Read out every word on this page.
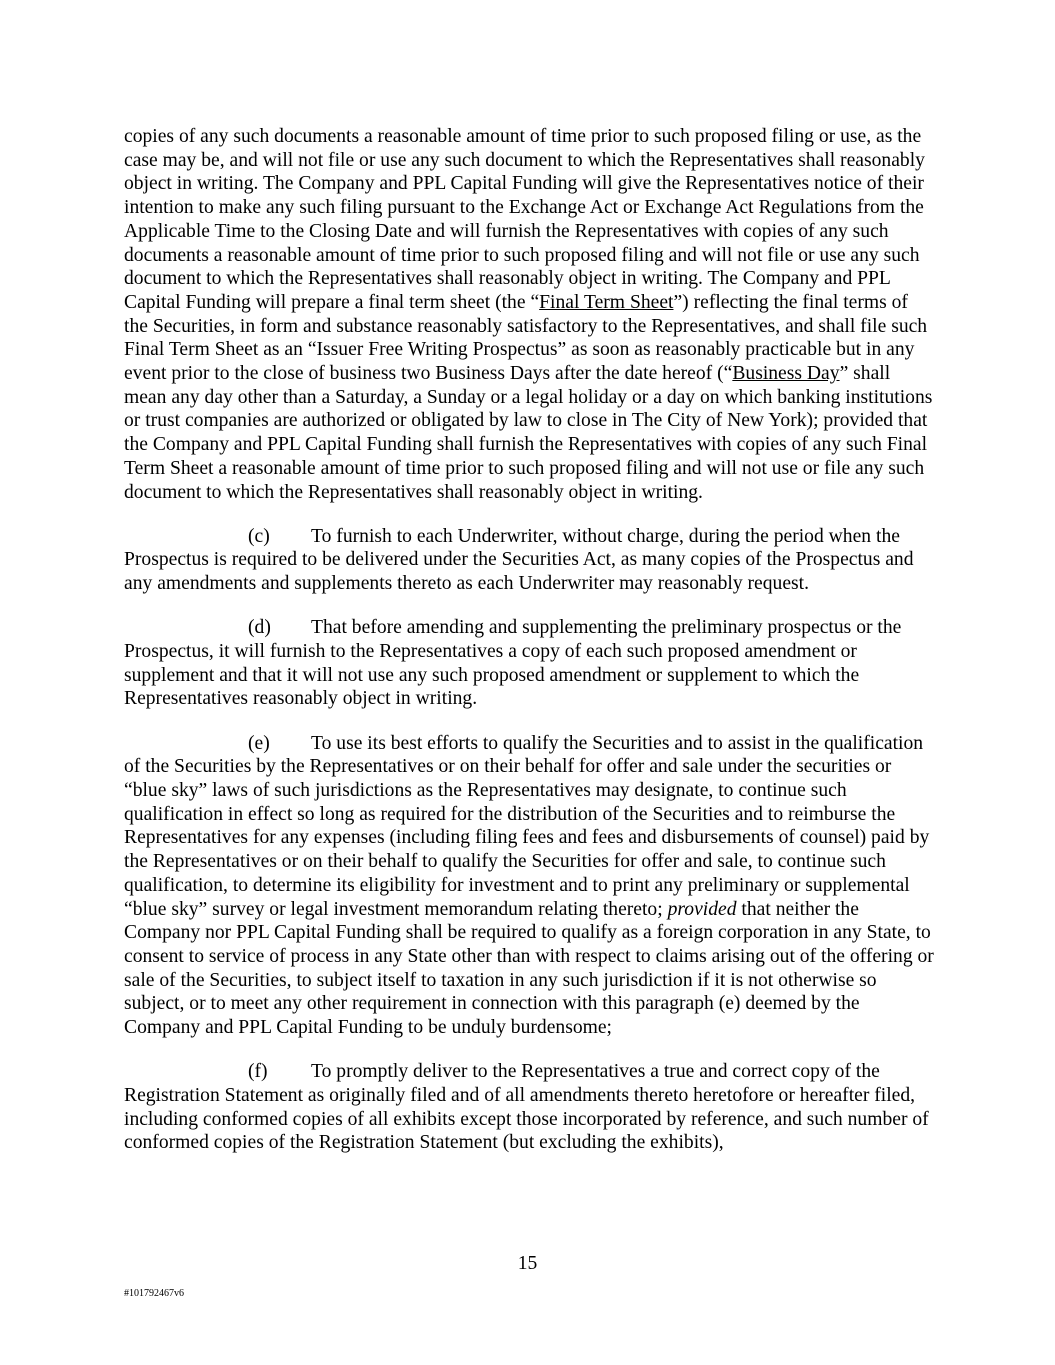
copies of any such documents a reasonable amount of time prior to such proposed filing or use, as the case may be, and will not file or use any such document to which the Representatives shall reasonably object in writing. The Company and PPL Capital Funding will give the Representatives notice of their intention to make any such filing pursuant to the Exchange Act or Exchange Act Regulations from the Applicable Time to the Closing Date and will furnish the Representatives with copies of any such documents a reasonable amount of time prior to such proposed filing and will not file or use any such document to which the Representatives shall reasonably object in writing. The Company and PPL Capital Funding will prepare a final term sheet (the “Final Term Sheet”) reflecting the final terms of the Securities, in form and substance reasonably satisfactory to the Representatives, and shall file such Final Term Sheet as an “Issuer Free Writing Prospectus” as soon as reasonably practicable but in any event prior to the close of business two Business Days after the date hereof (“Business Day” shall mean any day other than a Saturday, a Sunday or a legal holiday or a day on which banking institutions or trust companies are authorized or obligated by law to close in The City of New York); provided that the Company and PPL Capital Funding shall furnish the Representatives with copies of any such Final Term Sheet a reasonable amount of time prior to such proposed filing and will not use or file any such document to which the Representatives shall reasonably object in writing.

(c) To furnish to each Underwriter, without charge, during the period when the Prospectus is required to be delivered under the Securities Act, as many copies of the Prospectus and any amendments and supplements thereto as each Underwriter may reasonably request.

(d) That before amending and supplementing the preliminary prospectus or the Prospectus, it will furnish to the Representatives a copy of each such proposed amendment or supplement and that it will not use any such proposed amendment or supplement to which the Representatives reasonably object in writing.

(e) To use its best efforts to qualify the Securities and to assist in the qualification of the Securities by the Representatives or on their behalf for offer and sale under the securities or “blue sky” laws of such jurisdictions as the Representatives may designate, to continue such qualification in effect so long as required for the distribution of the Securities and to reimburse the Representatives for any expenses (including filing fees and fees and disbursements of counsel) paid by the Representatives or on their behalf to qualify the Securities for offer and sale, to continue such qualification, to determine its eligibility for investment and to print any preliminary or supplemental “blue sky” survey or legal investment memorandum relating thereto; provided that neither the Company nor PPL Capital Funding shall be required to qualify as a foreign corporation in any State, to consent to service of process in any State other than with respect to claims arising out of the offering or sale of the Securities, to subject itself to taxation in any such jurisdiction if it is not otherwise so subject, or to meet any other requirement in connection with this paragraph (e) deemed by the Company and PPL Capital Funding to be unduly burdensome;

(f) To promptly deliver to the Representatives a true and correct copy of the Registration Statement as originally filed and of all amendments thereto heretofore or hereafter filed, including conformed copies of all exhibits except those incorporated by reference, and such number of conformed copies of the Registration Statement (but excluding the exhibits),

15
#101792467v6
